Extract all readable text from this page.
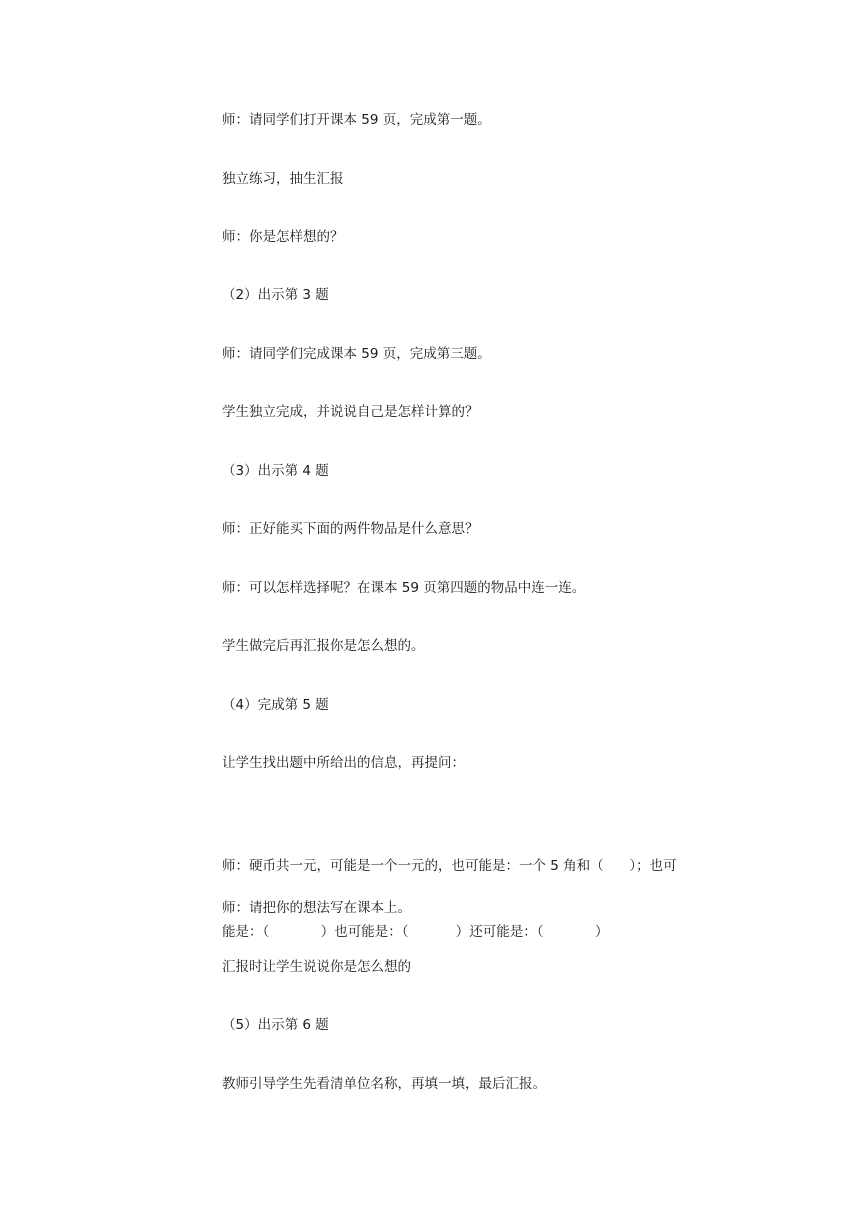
师：请同学们打开课本 59 页，完成第一题。

独立练习，抽生汇报

师：你是怎样想的？

（2）出示第 3 题

师：请同学们完成课本 59 页，完成第三题。

学生独立完成，并说说自己是怎样计算的？

（3）出示第 4 题

师：正好能买下面的两件物品是什么意思？

师：可以怎样选择呢？在课本 59 页第四题的物品中连一连。

学生做完后再汇报你是怎么想的。

（4）完成第 5 题

让学生找出题中所给出的信息，再提问：

师：硬币共一元，可能是一个一元的，也可能是：一个 5 角和（      ）；也可

能是：（            ）也可能是：（           ）还可能是：（            ）

师：请把你的想法写在课本上。

汇报时让学生说说你是怎么想的

（5）出示第 6 题

教师引导学生先看清单位名称，再填一填，最后汇报。
